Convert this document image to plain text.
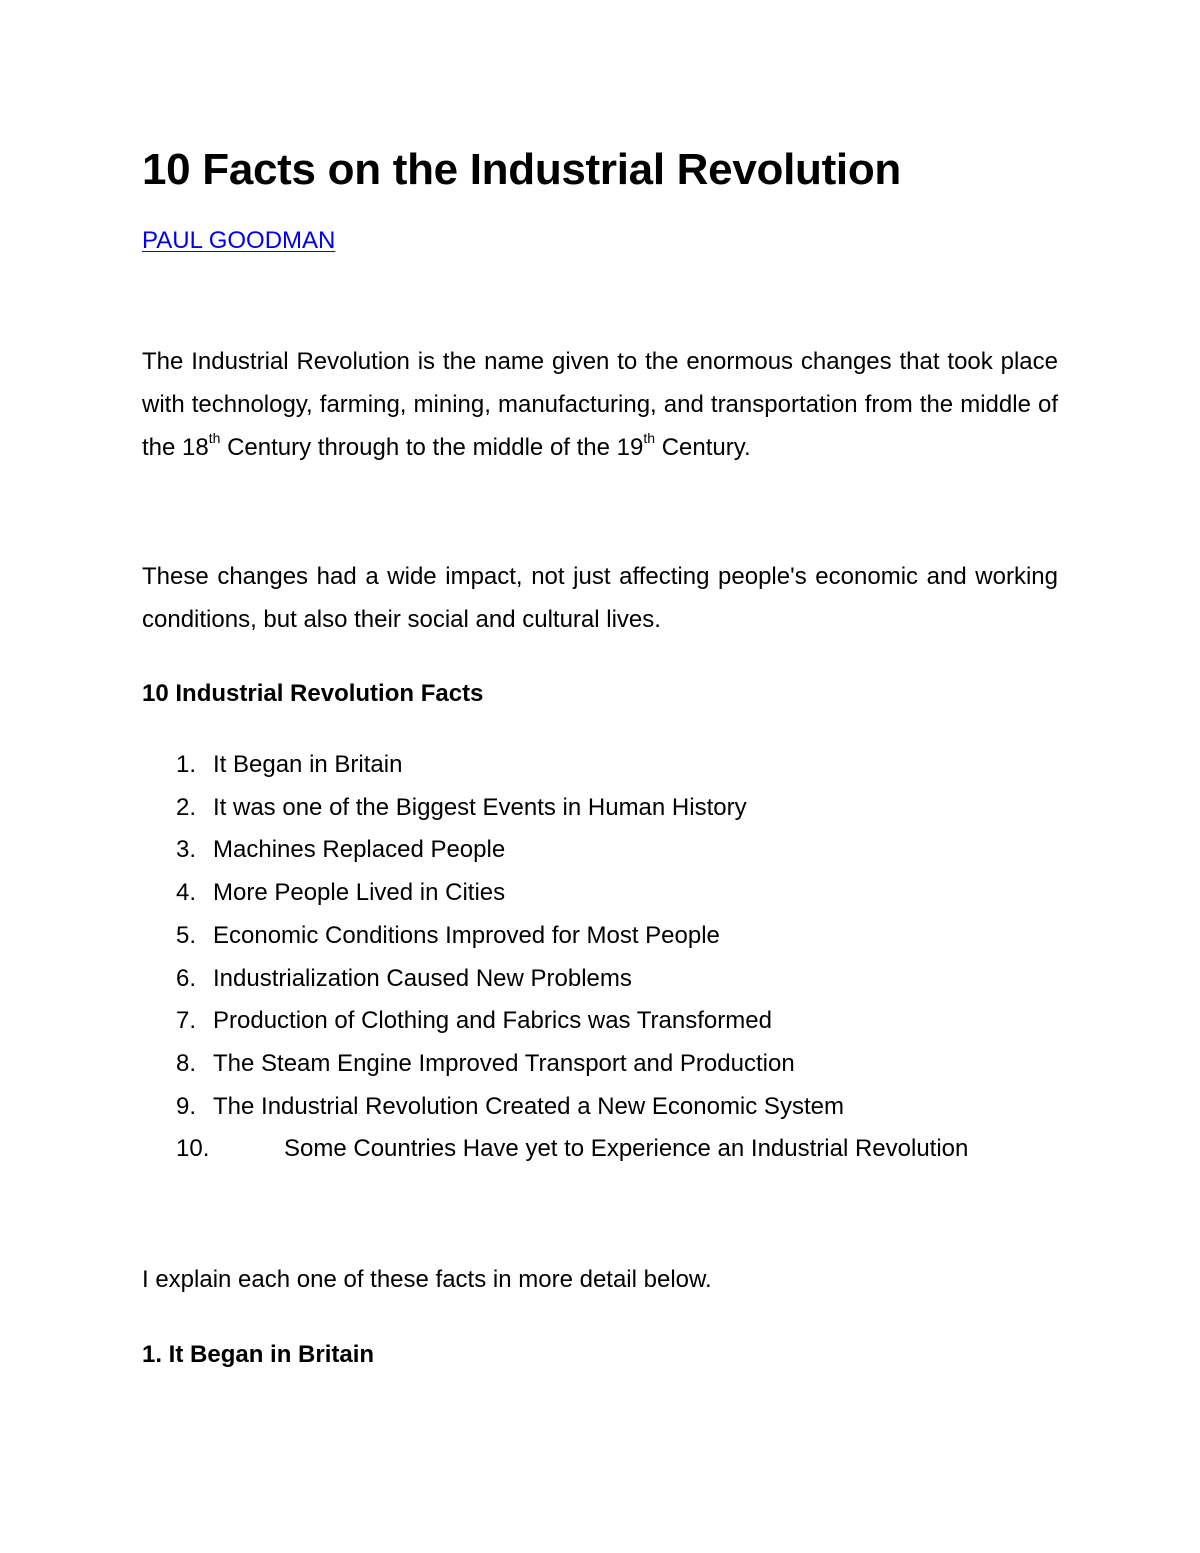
10 Facts on the Industrial Revolution
PAUL GOODMAN

The Industrial Revolution is the name given to the enormous changes that took place with technology, farming, mining, manufacturing, and transportation from the middle of the 18th Century through to the middle of the 19th Century.

These changes had a wide impact, not just affecting people's economic and working conditions, but also their social and cultural lives.

10 Industrial Revolution Facts
1. It Began in Britain
2. It was one of the Biggest Events in Human History
3. Machines Replaced People
4. More People Lived in Cities
5. Economic Conditions Improved for Most People
6. Industrialization Caused New Problems
7. Production of Clothing and Fabrics was Transformed
8. The Steam Engine Improved Transport and Production
9. The Industrial Revolution Created a New Economic System
10.	Some Countries Have yet to Experience an Industrial Revolution

I explain each one of these facts in more detail below.

1. It Began in Britain
